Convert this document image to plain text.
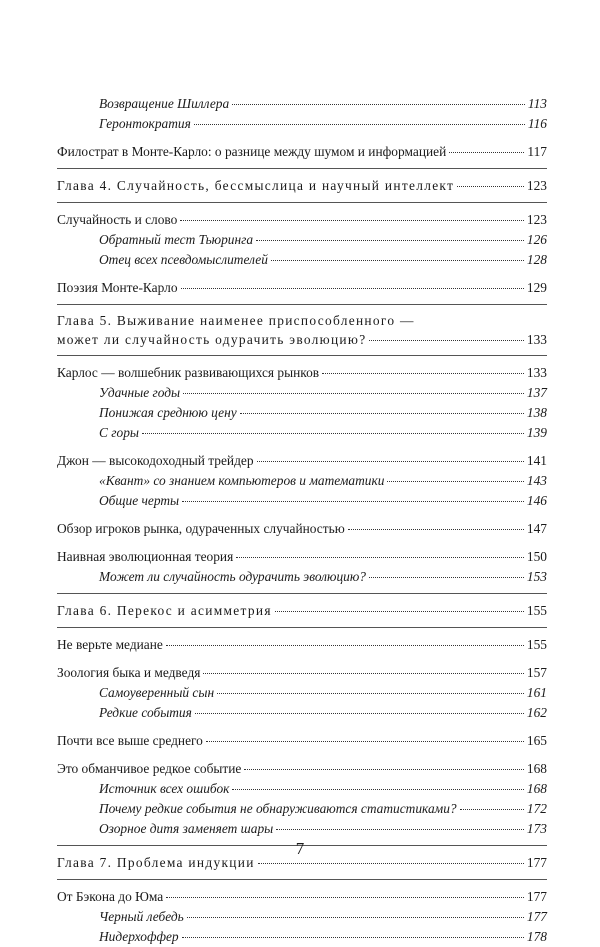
Возвращение Шиллера	113
Геронтократия	116
Филострат в Монте-Карло: о разнице между шумом и информацией	117
Глава 4. Случайность, бессмыслица и научный интеллект	123
Случайность и слово	123
Обратный тест Тьюринга	126
Отец всех псевдомыслителей	128
Поэзия Монте-Карло	129
Глава 5. Выживание наименее приспособленного —
может ли случайность одурачить эволюцию?	133
Карлос — волшебник развивающихся рынков	133
Удачные годы	137
Понижая среднюю цену	138
С горы	139
Джон — высокодоходный трейдер	141
«Квант» со знанием компьютеров и математики	143
Общие черты	146
Обзор игроков рынка, одураченных случайностью	147
Наивная эволюционная теория	150
Может ли случайность одурачить эволюцию?	153
Глава 6. Перекос и асимметрия	155
Не верьте медиане	155
Зоология быка и медведя	157
Самоуверенный сын	161
Редкие события	162
Почти все выше среднего	165
Это обманчивое редкое событие	168
Источник всех ошибок	168
Почему редкие события не обнаруживаются статистиками?	172
Озорное дитя заменяет шары	173
Глава 7. Проблема индукции	177
От Бэкона до Юма	177
Черный лебедь	177
Нидерхоффер	178
7
